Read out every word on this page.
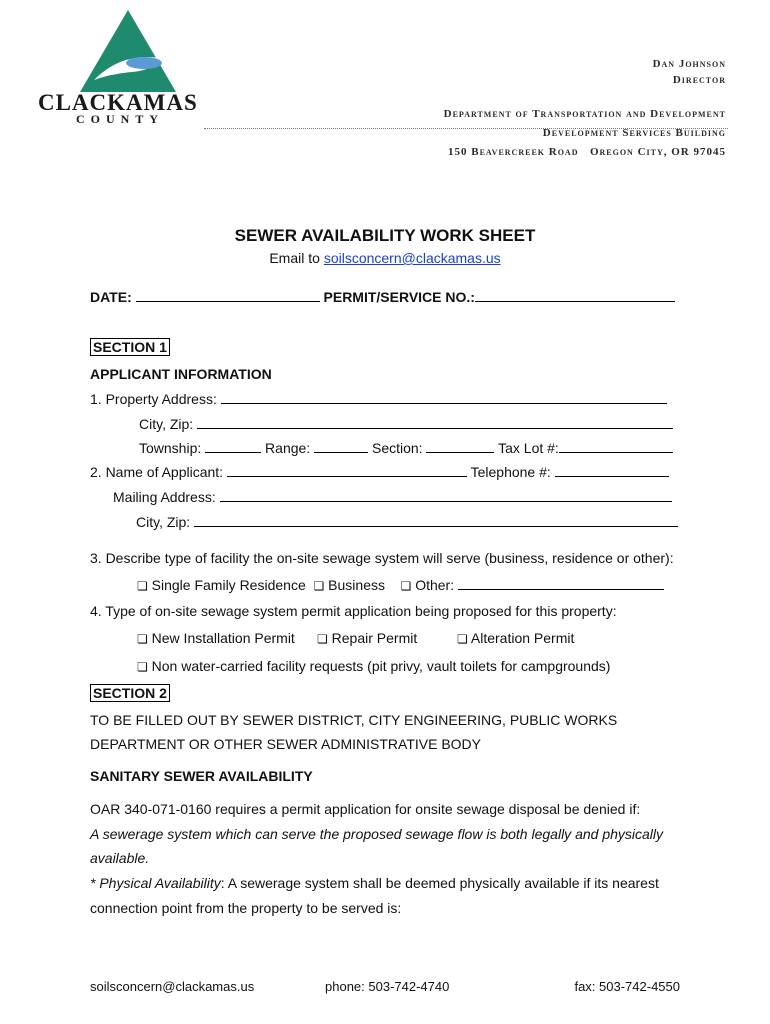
CLACKAMAS
COUNTY
Dan Johnson
Director
Department of Transportation and Development
Development Services Building
150 Beavercreek Road Oregon City, OR 97045
SEWER AVAILABILITY WORK SHEET
Email to soilsconcern@clackamas.us
DATE:	PERMIT/SERVICE NO.:
SECTION 1
APPLICANT INFORMATION
1. Property Address:
City, Zip:
Township:	Range:	Section:	Tax Lot #:
2. Name of Applicant:	Telephone #:
Mailing Address:
City, Zip:
3. Describe type of facility the on-site sewage system will serve (business, residence or other):
❏ Single Family Residence ❏ Business ❏ Other:
4. Type of on-site sewage system permit application being proposed for this property:
❏ New Installation Permit ❏ Repair Permit	❏ Alteration Permit
❏ Non water-carried facility requests (pit privy, vault toilets for campgrounds)
SECTION 2
TO BE FILLED OUT BY SEWER DISTRICT, CITY ENGINEERING, PUBLIC WORKS
DEPARTMENT OR OTHER SEWER ADMINISTRATIVE BODY
SANITARY SEWER AVAILABILITY
OAR 340-071-0160 requires a permit application for onsite sewage disposal be denied if:
A sewerage system which can serve the proposed sewage flow is both legally and physically
available.
* Physical Availability: A sewerage system shall be deemed physically available if its nearest
connection point from the property to be served is:
soilsconcern@clackamas.us	phone: 503-742-4740	fax: 503-742-4550
